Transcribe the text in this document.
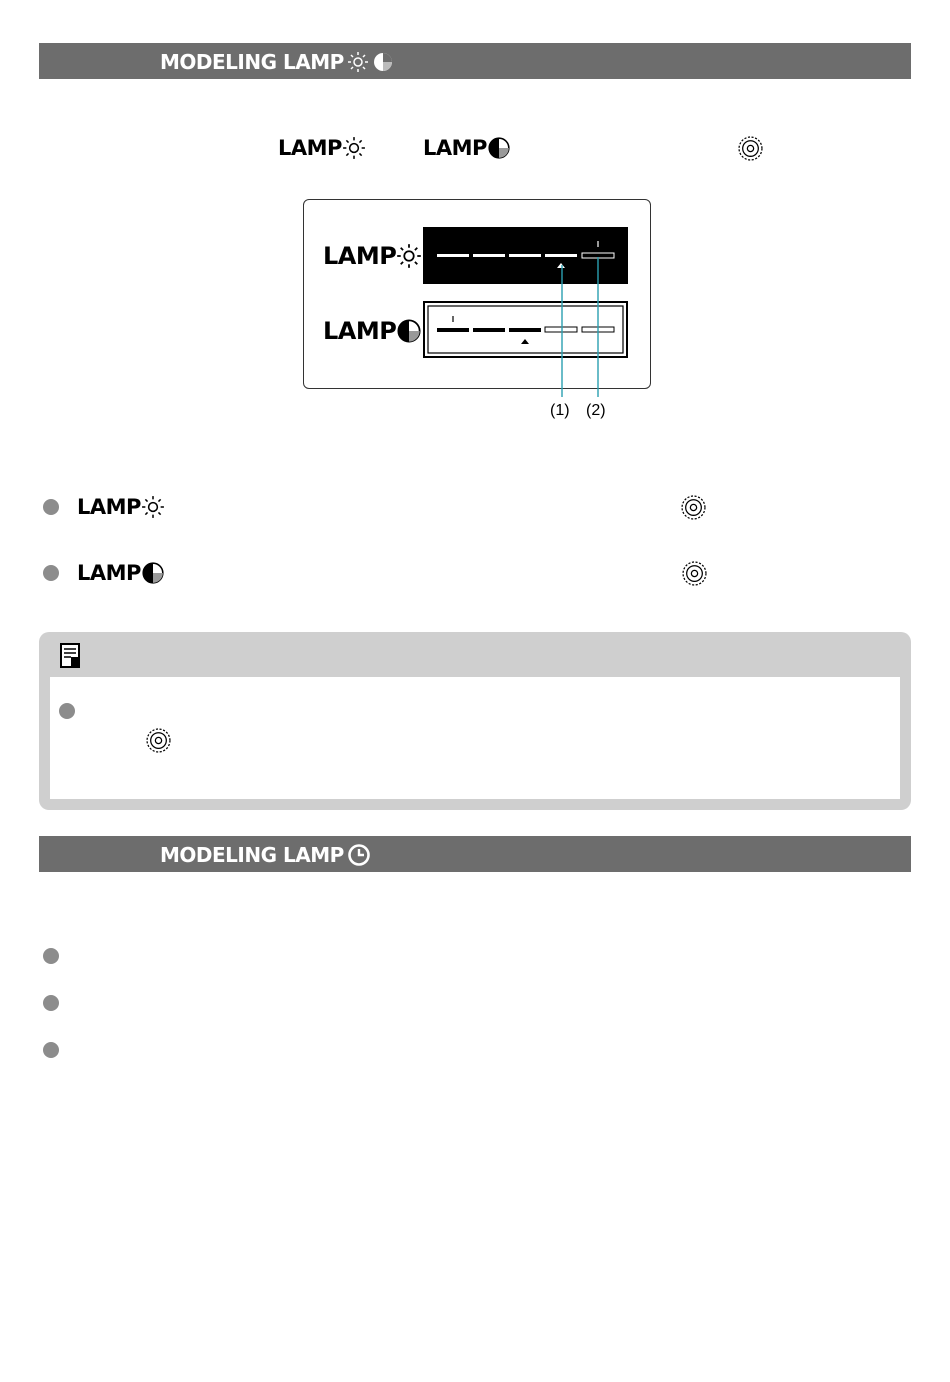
MODELING LAMP
LAMP	LAMP
LAMP
LAMP
(1) (2)
LAMP
LAMP
MODELING LAMP
